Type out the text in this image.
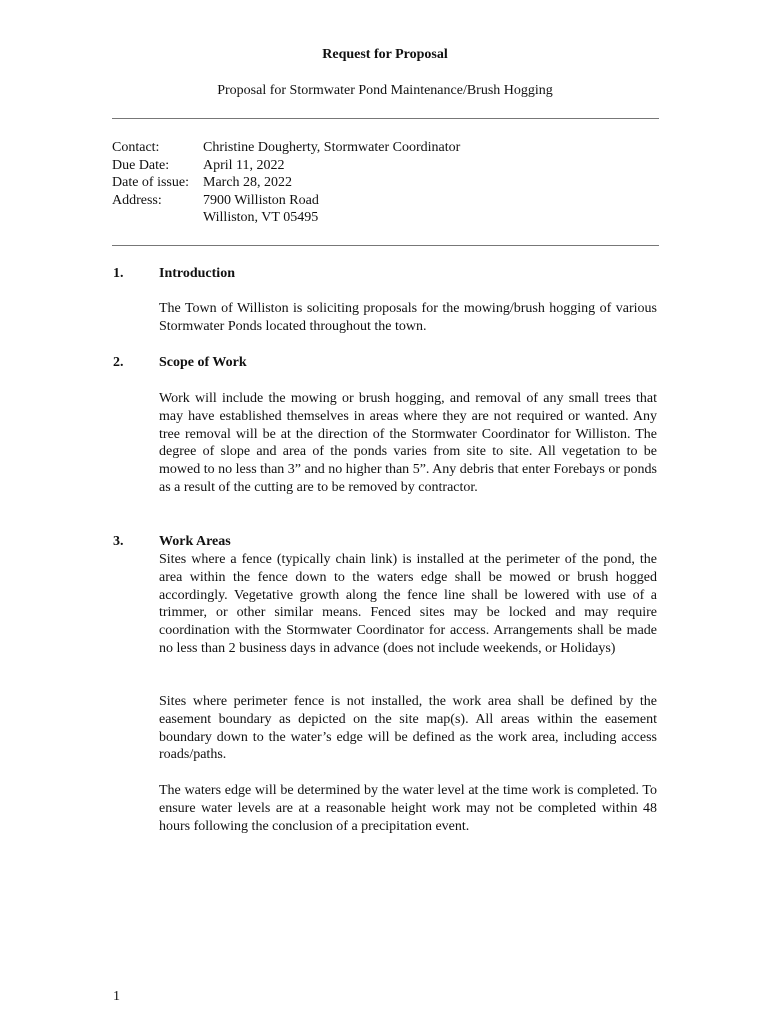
Request for Proposal
Proposal for Stormwater Pond Maintenance/Brush Hogging
Contact:	Christine Dougherty, Stormwater Coordinator
Due Date:	April 11, 2022
Date of issue:	March 28, 2022
Address:	7900 Williston Road
Williston, VT 05495
1.	Introduction
The Town of Williston is soliciting proposals for the mowing/brush hogging of various Stormwater Ponds located throughout the town.
2.	Scope of Work
Work will include the mowing or brush hogging, and removal of any small trees that may have established themselves in areas where they are not required or wanted. Any tree removal will be at the direction of the Stormwater Coordinator for Williston. The degree of slope and area of the ponds varies from site to site. All vegetation to be mowed to no less than 3” and no higher than 5”. Any debris that enter Forebays or ponds as a result of the cutting are to be removed by contractor.
3.	Work Areas
Sites where a fence (typically chain link) is installed at the perimeter of the pond, the area within the fence down to the waters edge shall be mowed or brush hogged accordingly. Vegetative growth along the fence line shall be lowered with use of a trimmer, or other similar means. Fenced sites may be locked and may require coordination with the Stormwater Coordinator for access. Arrangements shall be made no less than 2 business days in advance (does not include weekends, or Holidays)
Sites where perimeter fence is not installed, the work area shall be defined by the easement boundary as depicted on the site map(s). All areas within the easement boundary down to the water’s edge will be defined as the work area, including access roads/paths.
The waters edge will be determined by the water level at the time work is completed. To ensure water levels are at a reasonable height work may not be completed within 48 hours following the conclusion of a precipitation event.
1
